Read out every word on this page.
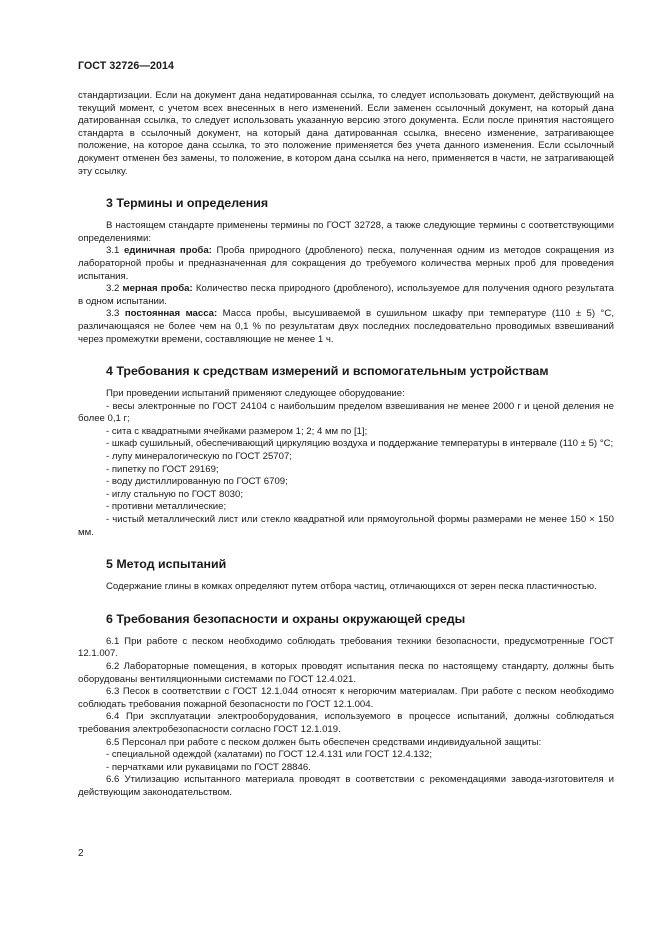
ГОСТ 32726—2014

стандартизации. Если на документ дана недатированная ссылка, то следует использовать документ, действующий на текущий момент, с учетом всех внесенных в него изменений. Если заменен ссылочный документ, на который дана датированная ссылка, то следует использовать указанную версию этого документа. Если после принятия настоящего стандарта в ссылочный документ, на который дана датированная ссылка, внесено изменение, затрагивающее положение, на которое дана ссылка, то это положение применяется без учета данного изменения. Если ссылочный документ отменен без замены, то положение, в котором дана ссылка на него, применяется в части, не затрагивающей эту ссылку.

3 Термины и определения

В настоящем стандарте применены термины по ГОСТ 32728, а также следующие термины с соответствующими определениями:

3.1 единичная проба: Проба природного (дробленого) песка, полученная одним из методов сокращения из лабораторной пробы и предназначенная для сокращения до требуемого количества мерных проб для проведения испытания.

3.2 мерная проба: Количество песка природного (дробленого), используемое для получения одного результата в одном испытании.

3.3 постоянная масса: Масса пробы, высушиваемой в сушильном шкафу при температуре (110 ± 5) °С, различающаяся не более чем на 0,1 % по результатам двух последних последовательно проводимых взвешиваний через промежутки времени, составляющие не менее 1 ч.

4 Требования к средствам измерений и вспомогательным устройствам

При проведении испытаний применяют следующее оборудование:

- весы электронные по ГОСТ 24104 с наибольшим пределом взвешивания не менее 2000 г и ценой деления не более 0,1 г;

- сита с квадратными ячейками размером 1; 2; 4 мм по [1];

- шкаф сушильный, обеспечивающий циркуляцию воздуха и поддержание температуры в интервале (110 ± 5) °С;

- лупу минералогическую по ГОСТ 25707;

- пипетку по ГОСТ 29169;

- воду дистиллированную по ГОСТ 6709;

- иглу стальную по ГОСТ 8030;

- противни металлические;

- чистый металлический лист или стекло квадратной или прямоугольной формы размерами не менее 150 × 150 мм.

5 Метод испытаний

Содержание глины в комках определяют путем отбора частиц, отличающихся от зерен песка пластичностью.

6 Требования безопасности и охраны окружающей среды

6.1 При работе с песком необходимо соблюдать требования техники безопасности, предусмотренные ГОСТ 12.1.007.

6.2 Лабораторные помещения, в которых проводят испытания песка по настоящему стандарту, должны быть оборудованы вентиляционными системами по ГОСТ 12.4.021.

6.3 Песок в соответствии с ГОСТ 12.1.044 относят к негорючим материалам. При работе с песком необходимо соблюдать требования пожарной безопасности по ГОСТ 12.1.004.

6.4 При эксплуатации электрооборудования, используемого в процессе испытаний, должны соблюдаться требования электробезопасности согласно ГОСТ 12.1.019.

6.5 Персонал при работе с песком должен быть обеспечен средствами индивидуальной защиты:

- специальной одеждой (халатами) по ГОСТ 12.4.131 или ГОСТ 12.4.132;

- перчатками или рукавицами по ГОСТ 28846.

6.6 Утилизацию испытанного материала проводят в соответствии с рекомендациями завода-изготовителя и действующим законодательством.

2
